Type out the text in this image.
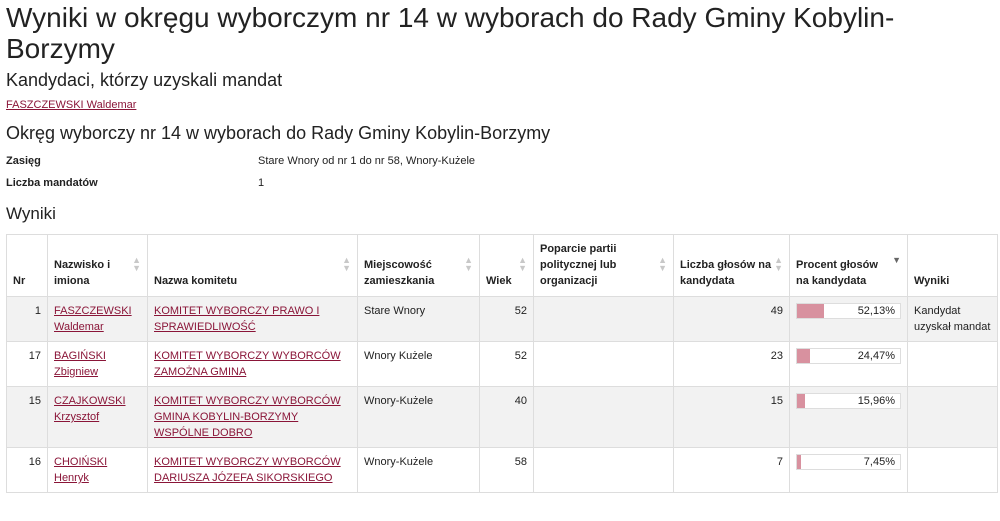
Wyniki w okręgu wyborczym nr 14 w wyborach do Rady Gminy Kobylin-Borzymy
Kandydaci, którzy uzyskali mandat
FASZCZEWSKI Waldemar
Okręg wyborczy nr 14 w wyborach do Rady Gminy Kobylin-Borzymy
Zasięg	Stare Wnory od nr 1 do nr 58, Wnory-Kużele
Liczba mandatów	1
Wyniki
Nr	Nazwisko i imiona
▲
▼	Nazwa komitetu
▲
▼	Miejscowość zamieszkania
▲
▼	Wiek
▲
▼	Poparcie partii politycznej lub organizacji
▲
▼	Liczba głosów na kandydata
▲
▼	Procent głosów na kandydata
▼	Wyniki
1	FASZCZEWSKI Waldemar	KOMITET WYBORCZY PRAWO I SPRAWIEDLIWOŚĆ	Stare Wnory	52		49	52,13%	Kandydat uzyskał mandat
17	BAGIŃSKI Zbigniew	KOMITET WYBORCZY WYBORCÓW ZAMOŻNA GMINA	Wnory Kużele	52		23	24,47%	

15	CZAJKOWSKI Krzysztof	KOMITET WYBORCZY WYBORCÓW GMINA KOBYLIN-BORZYMY WSPÓLNE DOBRO	Wnory-Kużele	40		15	15,96%	

16	CHOIŃSKI Henryk	KOMITET WYBORCZY WYBORCÓW DARIUSZA JÓZEFA SIKORSKIEGO	Wnory-Kużele	58		7	7,45%	
